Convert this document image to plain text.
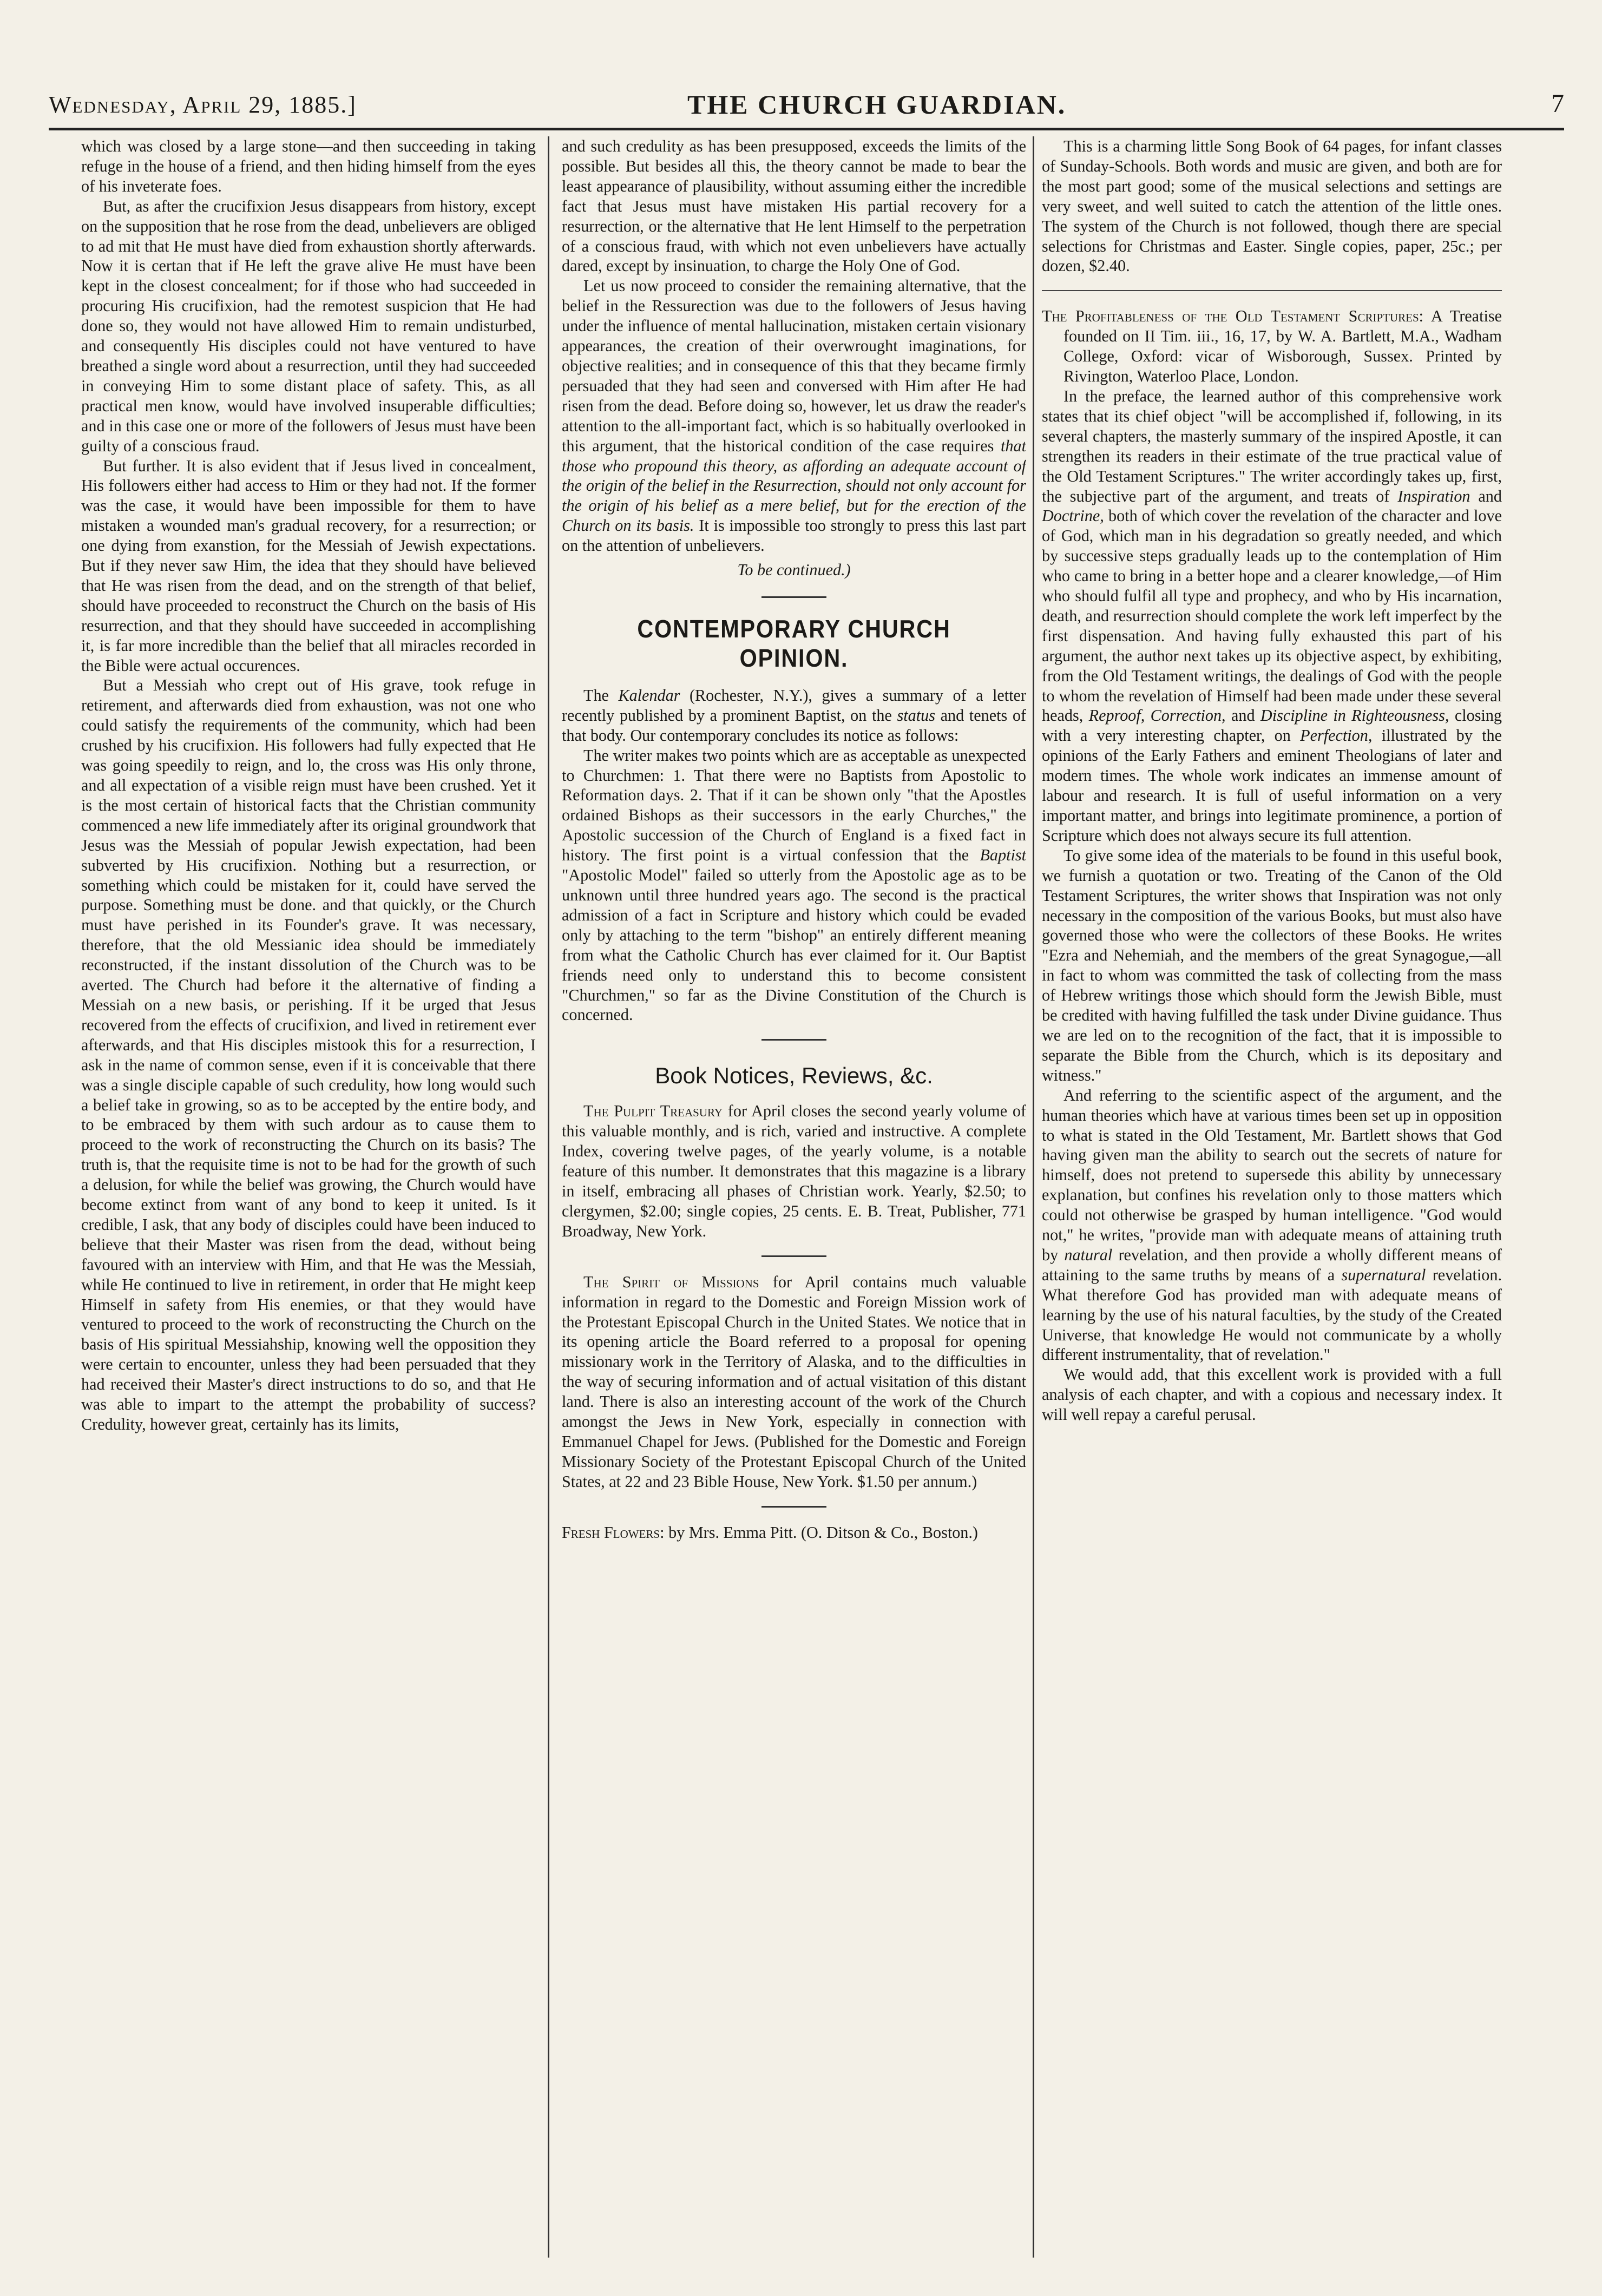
Wednesday, April 29, 1885.]	THE CHURCH GUARDIAN.	7

which was closed by a large stone—and then succeeding in taking refuge in the house of a friend, and then hiding himself from the eyes of his inveterate foes.

But, as after the crucifixion Jesus disappears from history, except on the supposition that he rose from the dead, unbelievers are obliged to ad mit that He must have died from exhaustion shortly afterwards. Now it is certan that if He left the grave alive He must have been kept in the closest concealment; for if those who had succeeded in procuring His crucifixion, had the remotest suspicion that He had done so, they would not have allowed Him to remain undisturbed, and consequently His disciples could not have ventured to have breathed a single word about a resurrection, until they had succeeded in conveying Him to some distant place of safety. This, as all practical men know, would have involved insuperable difficulties; and in this case one or more of the followers of Jesus must have been guilty of a conscious fraud.

But further. It is also evident that if Jesus lived in concealment, His followers either had access to Him or they had not. If the former was the case, it would have been impossible for them to have mistaken a wounded man's gradual recovery, for a resurrection; or one dying from exanstion, for the Messiah of Jewish expectations. But if they never saw Him, the idea that they should have believed that He was risen from the dead, and on the strength of that belief, should have proceeded to reconstruct the Church on the basis of His resurrection, and that they should have succeeded in accomplishing it, is far more incredible than the belief that all miracles recorded in the Bible were actual occurences.

But a Messiah who crept out of His grave, took refuge in retirement, and afterwards died from exhaustion, was not one who could satisfy the requirements of the community, which had been crushed by his crucifixion. His followers had fully expected that He was going speedily to reign, and lo, the cross was His only throne, and all expectation of a visible reign must have been crushed. Yet it is the most certain of historical facts that the Christian community commenced a new life immediately after its original groundwork that Jesus was the Messiah of popular Jewish expectation, had been subverted by His crucifixion. Nothing but a resurrection, or something which could be mistaken for it, could have served the purpose. Something must be done. and that quickly, or the Church must have perished in its Founder's grave. It was necessary, therefore, that the old Messianic idea should be immediately reconstructed, if the instant dissolution of the Church was to be averted. The Church had before it the alternative of finding a Messiah on a new basis, or perishing. If it be urged that Jesus recovered from the effects of crucifixion, and lived in retirement ever afterwards, and that His disciples mistook this for a resurrection, I ask in the name of common sense, even if it is conceivable that there was a single disciple capable of such credulity, how long would such a belief take in growing, so as to be accepted by the entire body, and to be embraced by them with such ardour as to cause them to proceed to the work of reconstructing the Church on its basis? The truth is, that the requisite time is not to be had for the growth of such a delusion, for while the belief was growing, the Church would have become extinct from want of any bond to keep it united. Is it credible, I ask, that any body of disciples could have been induced to believe that their Master was risen from the dead, without being favoured with an interview with Him, and that He was the Messiah, while He continued to live in retirement, in order that He might keep Himself in safety from His enemies, or that they would have ventured to proceed to the work of reconstructing the Church on the basis of His spiritual Messiahship, knowing well the opposition they were certain to encounter, unless they had been persuaded that they had received their Master's direct instructions to do so, and that He was able to impart to the attempt the probability of success? Credulity, however great, certainly has its limits,

and such credulity as has been presupposed, exceeds the limits of the possible. But besides all this, the theory cannot be made to bear the least appearance of plausibility, without assuming either the incredible fact that Jesus must have mistaken His partial recovery for a resurrection, or the alternative that He lent Himself to the perpetration of a conscious fraud, with which not even unbelievers have actually dared, except by insinuation, to charge the Holy One of God.

Let us now proceed to consider the remaining alternative, that the belief in the Ressurection was due to the followers of Jesus having under the influence of mental hallucination, mistaken certain visionary appearances, the creation of their overwrought imaginations, for objective realities; and in consequence of this that they became firmly persuaded that they had seen and conversed with Him after He had risen from the dead. Before doing so, however, let us draw the reader's attention to the all-important fact, which is so habitually overlooked in this argument, that the historical condition of the case requires that those who propound this theory, as affording an adequate account of the origin of the belief in the Resurrection, should not only account for the origin of his belief as a mere belief, but for the erection of the Church on its basis. It is impossible too strongly to press this last part on the attention of unbelievers.

To be continued.)

CONTEMPORARY CHURCH OPINION.

The Kalendar (Rochester, N.Y.), gives a summary of a letter recently published by a prominent Baptist, on the status and tenets of that body. Our contemporary concludes its notice as follows:

The writer makes two points which are as acceptable as unexpected to Churchmen: 1. That there were no Baptists from Apostolic to Reformation days. 2. That if it can be shown only "that the Apostles ordained Bishops as their successors in the early Churches," the Apostolic succession of the Church of England is a fixed fact in history. The first point is a virtual confession that the Baptist "Apostolic Model" failed so utterly from the Apostolic age as to be unknown until three hundred years ago. The second is the practical admission of a fact in Scripture and history which could be evaded only by attaching to the term "bishop" an entirely different meaning from what the Catholic Church has ever claimed for it. Our Baptist friends need only to understand this to become consistent "Churchmen," so far as the Divine Constitution of the Church is concerned.

Book Notices, Reviews, &c.

The Pulpit Treasury for April closes the second yearly volume of this valuable monthly, and is rich, varied and instructive. A complete Index, covering twelve pages, of the yearly volume, is a notable feature of this number. It demonstrates that this magazine is a library in itself, embracing all phases of Christian work. Yearly, $2.50; to clergymen, $2.00; single copies, 25 cents. E. B. Treat, Publisher, 771 Broadway, New York.

The Spirit of Missions for April contains much valuable information in regard to the Domestic and Foreign Mission work of the Protestant Episcopal Church in the United States. We notice that in its opening article the Board referred to a proposal for opening missionary work in the Territory of Alaska, and to the difficulties in the way of securing information and of actual visitation of this distant land. There is also an interesting account of the work of the Church amongst the Jews in New York, especially in connection with Emmanuel Chapel for Jews. (Published for the Domestic and Foreign Missionary Society of the Protestant Episcopal Church of the United States, at 22 and 23 Bible House, New York. $1.50 per annum.)

Fresh Flowers: by Mrs. Emma Pitt. (O. Ditson & Co., Boston.)

This is a charming little Song Book of 64 pages, for infant classes of Sunday-Schools. Both words and music are given, and both are for the most part good; some of the musical selections and settings are very sweet, and well suited to catch the attention of the little ones. The system of the Church is not followed, though there are special selections for Christmas and Easter. Single copies, paper, 25c.; per dozen, $2.40.

The Profitableness of the Old Testament Scriptures: A Treatise founded on II Tim. iii., 16, 17, by W. A. Bartlett, M.A., Wadham College, Oxford: vicar of Wisborough, Sussex. Printed by Rivington, Waterloo Place, London.

In the preface, the learned author of this comprehensive work states that its chief object "will be accomplished if, following, in its several chapters, the masterly summary of the inspired Apostle, it can strengthen its readers in their estimate of the true practical value of the Old Testament Scriptures." The writer accordingly takes up, first, the subjective part of the argument, and treats of Inspiration and Doctrine, both of which cover the revelation of the character and love of God, which man in his degradation so greatly needed, and which by successive steps gradually leads up to the contemplation of Him who came to bring in a better hope and a clearer knowledge,—of Him who should fulfil all type and prophecy, and who by His incarnation, death, and resurrection should complete the work left imperfect by the first dispensation. And having fully exhausted this part of his argument, the author next takes up its objective aspect, by exhibiting, from the Old Testament writings, the dealings of God with the people to whom the revelation of Himself had been made under these several heads, Reproof, Correction, and Discipline in Righteousness, closing with a very interesting chapter, on Perfection, illustrated by the opinions of the Early Fathers and eminent Theologians of later and modern times. The whole work indicates an immense amount of labour and research. It is full of useful information on a very important matter, and brings into legitimate prominence, a portion of Scripture which does not always secure its full attention.

To give some idea of the materials to be found in this useful book, we furnish a quotation or two. Treating of the Canon of the Old Testament Scriptures, the writer shows that Inspiration was not only necessary in the composition of the various Books, but must also have governed those who were the collectors of these Books. He writes "Ezra and Nehemiah, and the members of the great Synagogue,—all in fact to whom was committed the task of collecting from the mass of Hebrew writings those which should form the Jewish Bible, must be credited with having fulfilled the task under Divine guidance. Thus we are led on to the recognition of the fact, that it is impossible to separate the Bible from the Church, which is its depositary and witness."

And referring to the scientific aspect of the argument, and the human theories which have at various times been set up in opposition to what is stated in the Old Testament, Mr. Bartlett shows that God having given man the ability to search out the secrets of nature for himself, does not pretend to supersede this ability by unnecessary explanation, but confines his revelation only to those matters which could not otherwise be grasped by human intelligence. "God would not," he writes, "provide man with adequate means of attaining truth by natural revelation, and then provide a wholly different means of attaining to the same truths by means of a supernatural revelation. What therefore God has provided man with adequate means of learning by the use of his natural faculties, by the study of the Created Universe, that knowledge He would not communicate by a wholly different instrumentality, that of revelation."

We would add, that this excellent work is provided with a full analysis of each chapter, and with a copious and necessary index. It will well repay a careful perusal.
